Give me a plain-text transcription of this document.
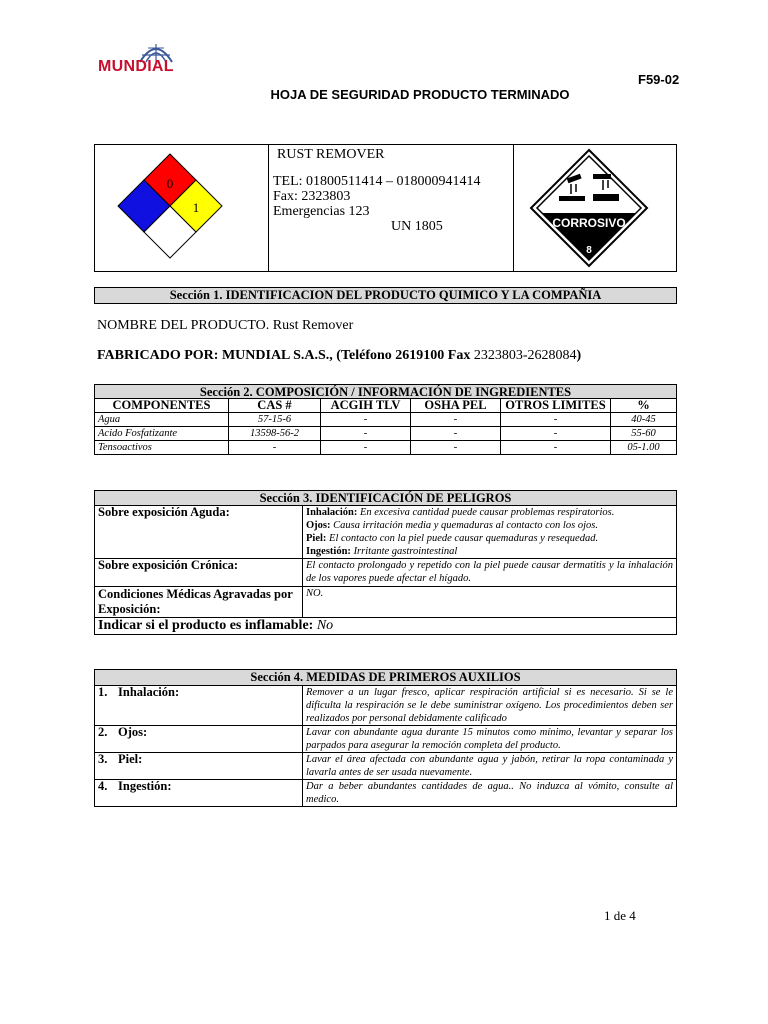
MUNDIAL
F59-02
HOJA DE SEGURIDAD PRODUCTO TERMINADO
0
3	1
RUST REMOVER
TEL: 01800511414 – 018000941414
Fax: 2323803
Emergencias 123
UN 1805	CORROSIVO
8
Sección 1. IDENTIFICACION DEL PRODUCTO QUIMICO Y LA COMPAÑIA
NOMBRE DEL PRODUCTO. Rust Remover
FABRICADO POR: MUNDIAL S.A.S., (Teléfono 2619100 Fax 2323803-2628084)
Sección 2. COMPOSICIÓN / INFORMACIÓN DE INGREDIENTES					
COMPONENTES	CAS #	ACGIH TLV	OSHA PEL	OTROS LIMITES	%
Agua	57-15-6	-	-	-	40-45
Acido Fosfatizante	13598-56-2	-	-	-	55-60
Tensoactivos	-	-	-	-	05-1.00
Sección 3. IDENTIFICACIÓN DE PELIGROS	
Sobre exposición Aguda:	Inhalación: En excesiva cantidad puede causar problemas respiratorios.
Ojos: Causa irritación media y quemaduras al contacto con los ojos.
Piel: El contacto con la piel puede causar quemaduras y resequedad.
Ingestión: Irritante gastrointestinal

Sobre exposición Crónica:	El contacto prolongado y repetido con la piel puede causar dermatitis y la inhalación de los vapores puede afectar el hígado.
Condiciones Médicas Agravadas por Exposición:	NO.
Indicar si el producto es inflamable: No	
Sección 4. MEDIDAS DE PRIMEROS AUXILIOS	
1. Inhalación:	Remover a un lugar fresco, aplicar respiración artificial si es necesario. Si se le dificulta la respiración se le debe suministrar oxígeno. Los procedimientos deben ser realizados por personal debidamente calificado
2. Ojos:	Lavar con abundante agua durante 15 minutos como mínimo, levantar y separar los parpados para asegurar la remoción completa del producto.
3. Piel:	Lavar el área afectada con abundante agua y jabón, retirar la ropa contaminada y lavarla antes de ser usada nuevamente.
4. Ingestión:	Dar a beber abundantes cantidades de agua.. No induzca al vómito, consulte al medico.
1 de 4
